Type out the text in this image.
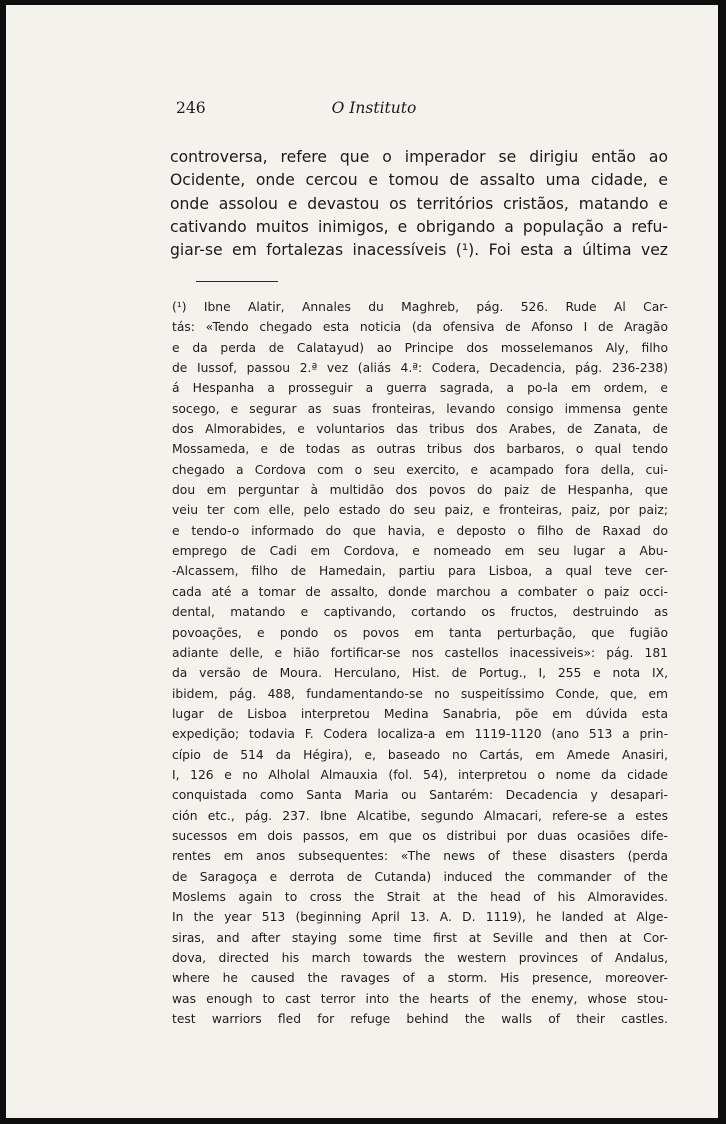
246	O Instituto
controversa, refere que o imperador se dirigiu então ao
Ocidente, onde cercou e tomou de assalto uma cidade, e
onde assolou e devastou os territórios cristãos, matando e
cativando muitos inimigos, e obrigando a população a refu-
giar-se em fortalezas inacessíveis (¹). Foi esta a última vez
(¹) Ibne Alatir, Annales du Maghreb, pág. 526. Rude Al Car-
tás: «Tendo chegado esta noticia (da ofensiva de Afonso I de Aragão
e da perda de Calatayud) ao Principe dos mosselemanos Aly, filho
de Iussof, passou 2.ª vez (aliás 4.ª: Codera, Decadencia, pág. 236-238)
á Hespanha a prosseguir a guerra sagrada, a po-la em ordem, e
socego, e segurar as suas fronteiras, levando consigo immensa gente
dos Almorabides, e voluntarios das tribus dos Arabes, de Zanata, de
Mossameda, e de todas as outras tribus dos barbaros, o qual tendo
chegado a Cordova com o seu exercito, e acampado fora della, cui-
dou em perguntar à multidão dos povos do paiz de Hespanha, que
veiu ter com elle, pelo estado do seu paiz, e fronteiras, paiz, por paiz;
e tendo-o informado do que havia, e deposto o filho de Raxad do
emprego de Cadi em Cordova, e nomeado em seu lugar a Abu-
-Alcassem, filho de Hamedain, partiu para Lisboa, a qual teve cer-
cada até a tomar de assalto, donde marchou a combater o paiz occi-
dental, matando e captivando, cortando os fructos, destruindo as
povoações, e pondo os povos em tanta perturbação, que fugião
adiante delle, e hião fortificar-se nos castellos inacessiveis»: pág. 181
da versão de Moura. Herculano, Hist. de Portug., I, 255 e nota IX,
ibidem, pág. 488, fundamentando-se no suspeitíssimo Conde, que, em
lugar de Lisboa interpretou Medina Sanabria, põe em dúvida esta
expedição; todavia F. Codera localiza-a em 1119-1120 (ano 513 a prin-
cípio de 514 da Hégira), e, baseado no Cartás, em Amede Anasiri,
I, 126 e no Alholal Almauxia (fol. 54), interpretou o nome da cidade
conquistada como Santa Maria ou Santarém: Decadencia y desapari-
ción etc., pág. 237. Ibne Alcatibe, segundo Almacari, refere-se a estes
sucessos em dois passos, em que os distribui por duas ocasiões dife-
rentes em anos subsequentes: «The news of these disasters (perda
de Saragoça e derrota de Cutanda) induced the commander of the
Moslems again to cross the Strait at the head of his Almoravides.
In the year 513 (beginning April 13. A. D. 1119), he landed at Alge-
siras, and after staying some time first at Seville and then at Cor-
dova, directed his march towards the western provinces of Andalus,
where he caused the ravages of a storm. His presence, moreover-
was enough to cast terror into the hearts of the enemy, whose stou-
test warriors fled for refuge behind the walls of their castles.
